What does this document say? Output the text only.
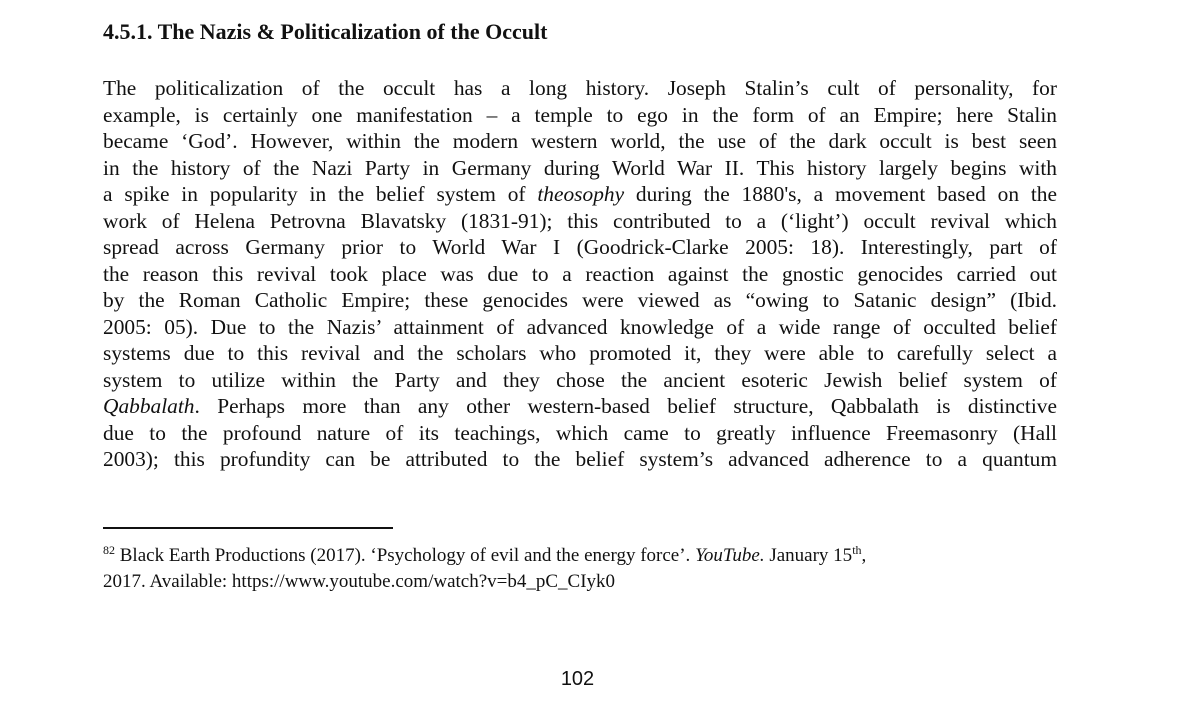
4.5.1. The Nazis & Politicalization of the Occult
The politicalization of the occult has a long history. Joseph Stalin’s cult of personality, for
example, is certainly one manifestation – a temple to ego in the form of an Empire; here Stalin
became ‘God’. However, within the modern western world, the use of the dark occult is best seen
in the history of the Nazi Party in Germany during World War II. This history largely begins with
a spike in popularity in the belief system of theosophy during the 1880's, a movement based on the
work of Helena Petrovna Blavatsky (1831-91); this contributed to a (‘light’) occult revival which
spread across Germany prior to World War I (Goodrick-Clarke 2005: 18). Interestingly, part of
the reason this revival took place was due to a reaction against the gnostic genocides carried out
by the Roman Catholic Empire; these genocides were viewed as “owing to Satanic design” (Ibid.
2005: 05). Due to the Nazis’ attainment of advanced knowledge of a wide range of occulted belief
systems due to this revival and the scholars who promoted it, they were able to carefully select a
system to utilize within the Party and they chose the ancient esoteric Jewish belief system of
Qabbalath. Perhaps more than any other western-based belief structure, Qabbalath is distinctive
due to the profound nature of its teachings, which came to greatly influence Freemasonry (Hall
2003); this profundity can be attributed to the belief system’s advanced adherence to a quantum
$^{82}$ Black Earth Productions (2017). ‘Psychology of evil and the energy force’. YouTube. January 15th,
2017. Available: https://www.youtube.com/watch?v=b4_pC_CIyk0
102
